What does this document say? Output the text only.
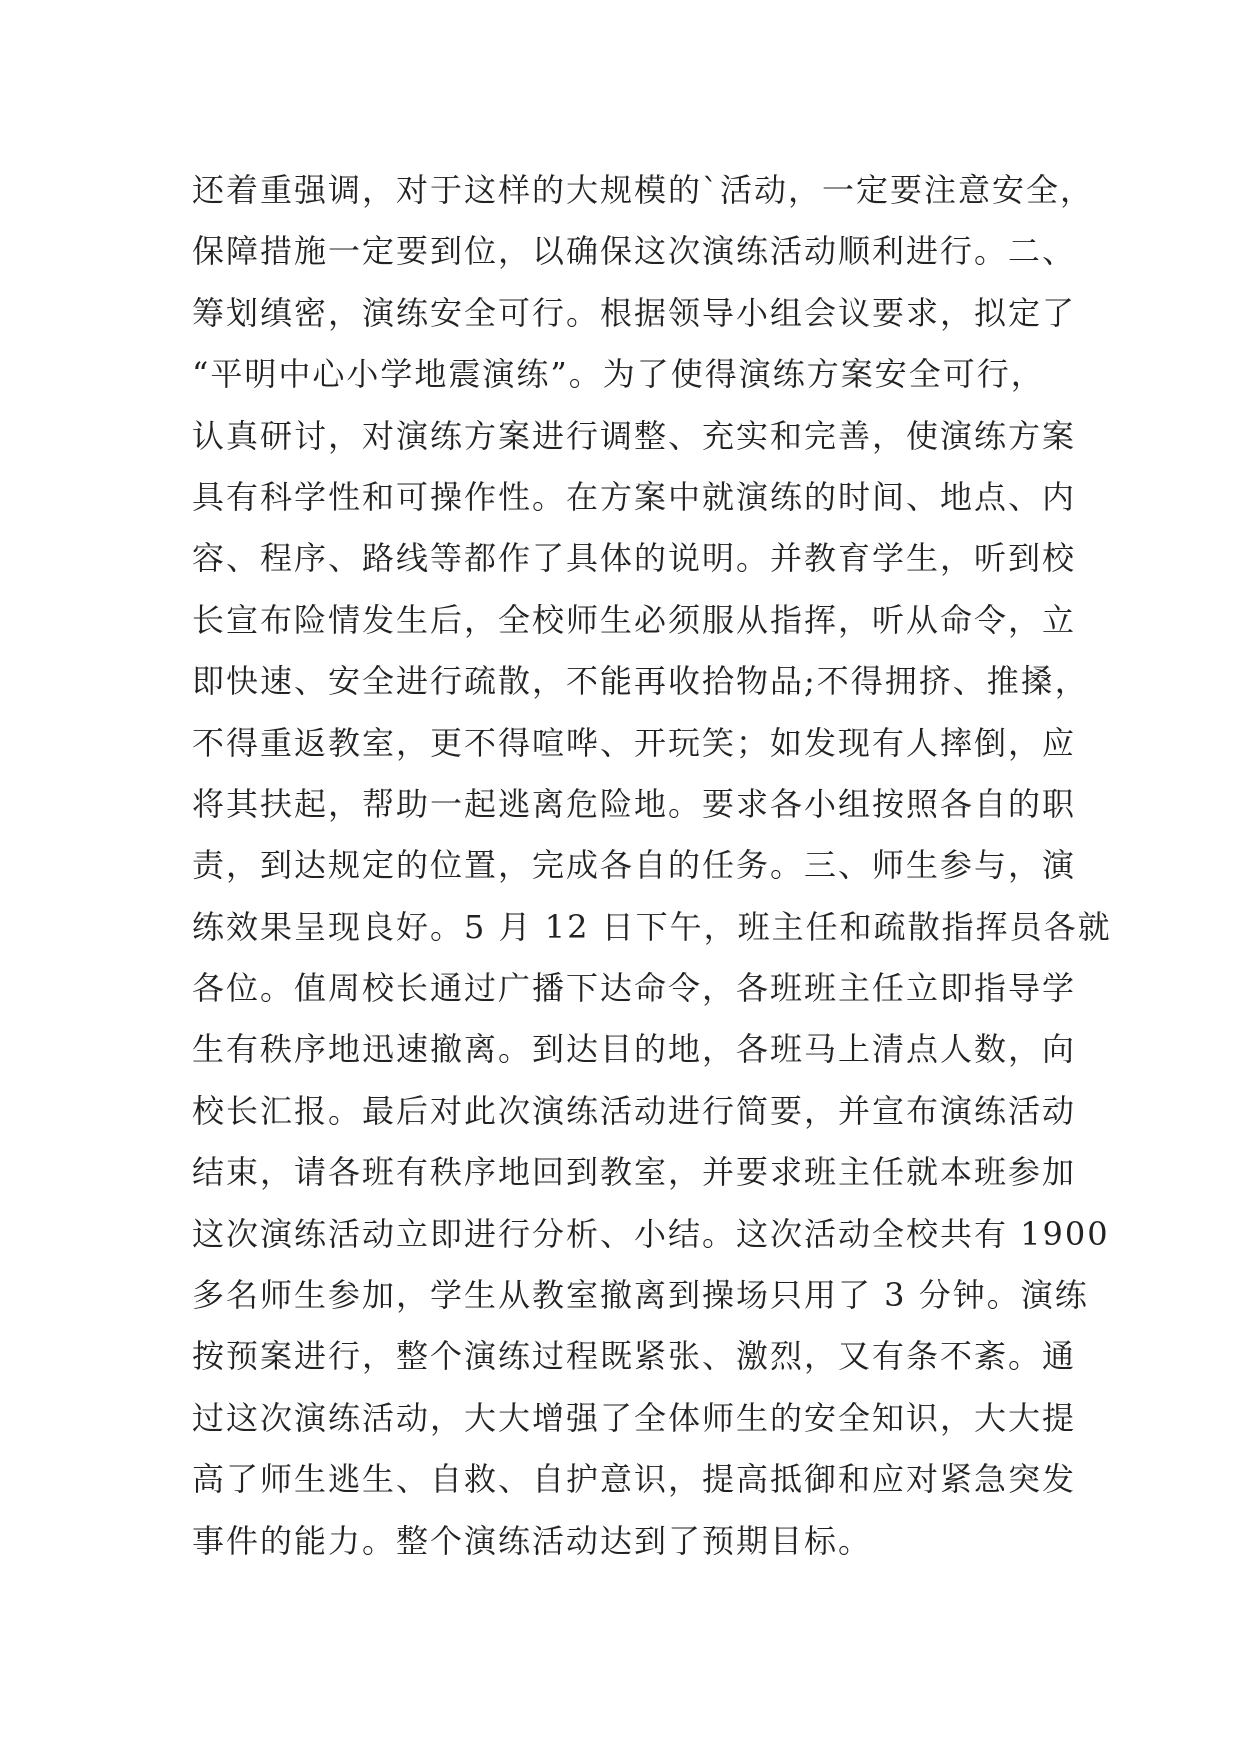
还着重强调，对于这样的大规模的`活动，一定要注意安全，
保障措施一定要到位，以确保这次演练活动顺利进行。二、
筹划缜密，演练安全可行。根据领导小组会议要求，拟定了
“平明中心小学地震演练”。为了使得演练方案安全可行，
认真研讨，对演练方案进行调整、充实和完善，使演练方案
具有科学性和可操作性。在方案中就演练的时间、地点、内
容、程序、路线等都作了具体的说明。并教育学生，听到校
长宣布险情发生后，全校师生必须服从指挥，听从命令，立
即快速、安全进行疏散，不能再收拾物品;不得拥挤、推搡，
不得重返教室，更不得喧哗、开玩笑；如发现有人摔倒，应
将其扶起，帮助一起逃离危险地。要求各小组按照各自的职
责，到达规定的位置，完成各自的任务。三、师生参与，演
练效果呈现良好。5 月 12 日下午，班主任和疏散指挥员各就
各位。值周校长通过广播下达命令，各班班主任立即指导学
生有秩序地迅速撤离。到达目的地，各班马上清点人数，向
校长汇报。最后对此次演练活动进行简要，并宣布演练活动
结束，请各班有秩序地回到教室，并要求班主任就本班参加
这次演练活动立即进行分析、小结。这次活动全校共有 1900
多名师生参加，学生从教室撤离到操场只用了 3 分钟。演练
按预案进行，整个演练过程既紧张、激烈，又有条不紊。通
过这次演练活动，大大增强了全体师生的安全知识，大大提
高了师生逃生、自救、自护意识，提高抵御和应对紧急突发
事件的能力。整个演练活动达到了预期目标。
